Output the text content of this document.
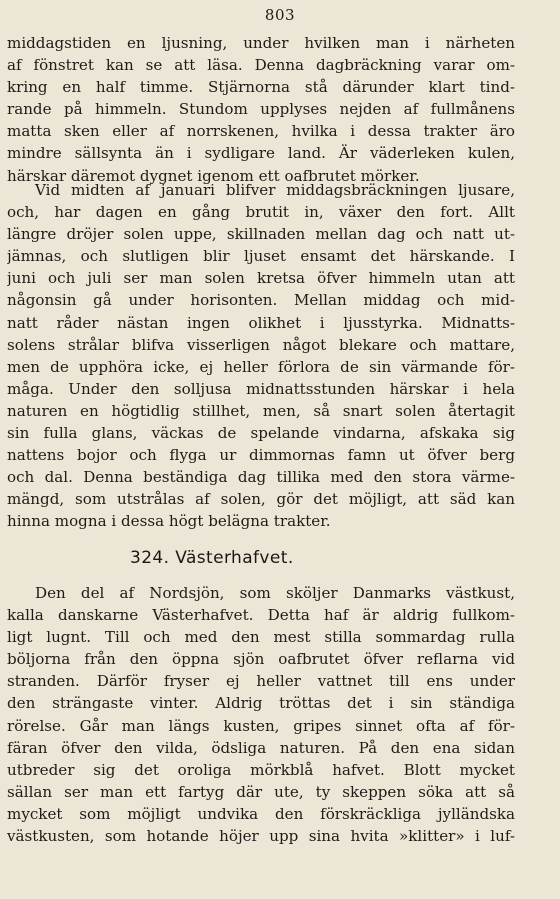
803
middagstiden en ljusning, under hvilken man i närheten
af fönstret kan se att läsa. Denna dagbräckning varar om-
kring en half timme. Stjärnorna stå därunder klart tind-
rande på himmeln. Stundom upplyses nejden af fullmånens
matta sken eller af norrskenen, hvilka i dessa trakter äro
mindre sällsynta än i sydligare land. Är väderleken kulen,
härskar däremot dygnet igenom ett oafbrutet mörker.
Vid midten af januari blifver middagsbräckningen ljusare,
och, har dagen en gång brutit in, växer den fort. Allt
längre dröjer solen uppe, skillnaden mellan dag och natt ut-
jämnas, och slutligen blir ljuset ensamt det härskande. I
juni och juli ser man solen kretsa öfver himmeln utan att
någonsin gå under horisonten. Mellan middag och mid-
natt råder nästan ingen olikhet i ljusstyrka. Midnatts-
solens strålar blifva visserligen något blekare och mattare,
men de upphöra icke, ej heller förlora de sin värmande för-
måga. Under den solljusa midnattsstunden härskar i hela
naturen en högtidlig stillhet, men, så snart solen återtagit
sin fulla glans, väckas de spelande vindarna, afskaka sig
nattens bojor och flyga ur dimmornas famn ut öfver berg
och dal. Denna beständiga dag tillika med den stora värme-
mängd, som utstrålas af solen, gör det möjligt, att säd kan
hinna mogna i dessa högt belägna trakter.
324. Västerhafvet.
Den del af Nordsjön, som sköljer Danmarks västkust,
kalla danskarne Västerhafvet. Detta haf är aldrig fullkom-
ligt lugnt. Till och med den mest stilla sommardag rulla
böljorna från den öppna sjön oafbrutet öfver reflarna vid
stranden. Därför fryser ej heller vattnet till ens under
den strängaste vinter. Aldrig tröttas det i sin ständiga
rörelse. Går man längs kusten, gripes sinnet ofta af för-
färan öfver den vilda, ödsliga naturen. På den ena sidan
utbreder sig det oroliga mörkblå hafvet. Blott mycket
sällan ser man ett fartyg där ute, ty skeppen söka att så
mycket som möjligt undvika den förskräckliga jylländska
västkusten, som hotande höjer upp sina hvita »klitter» i luf-
